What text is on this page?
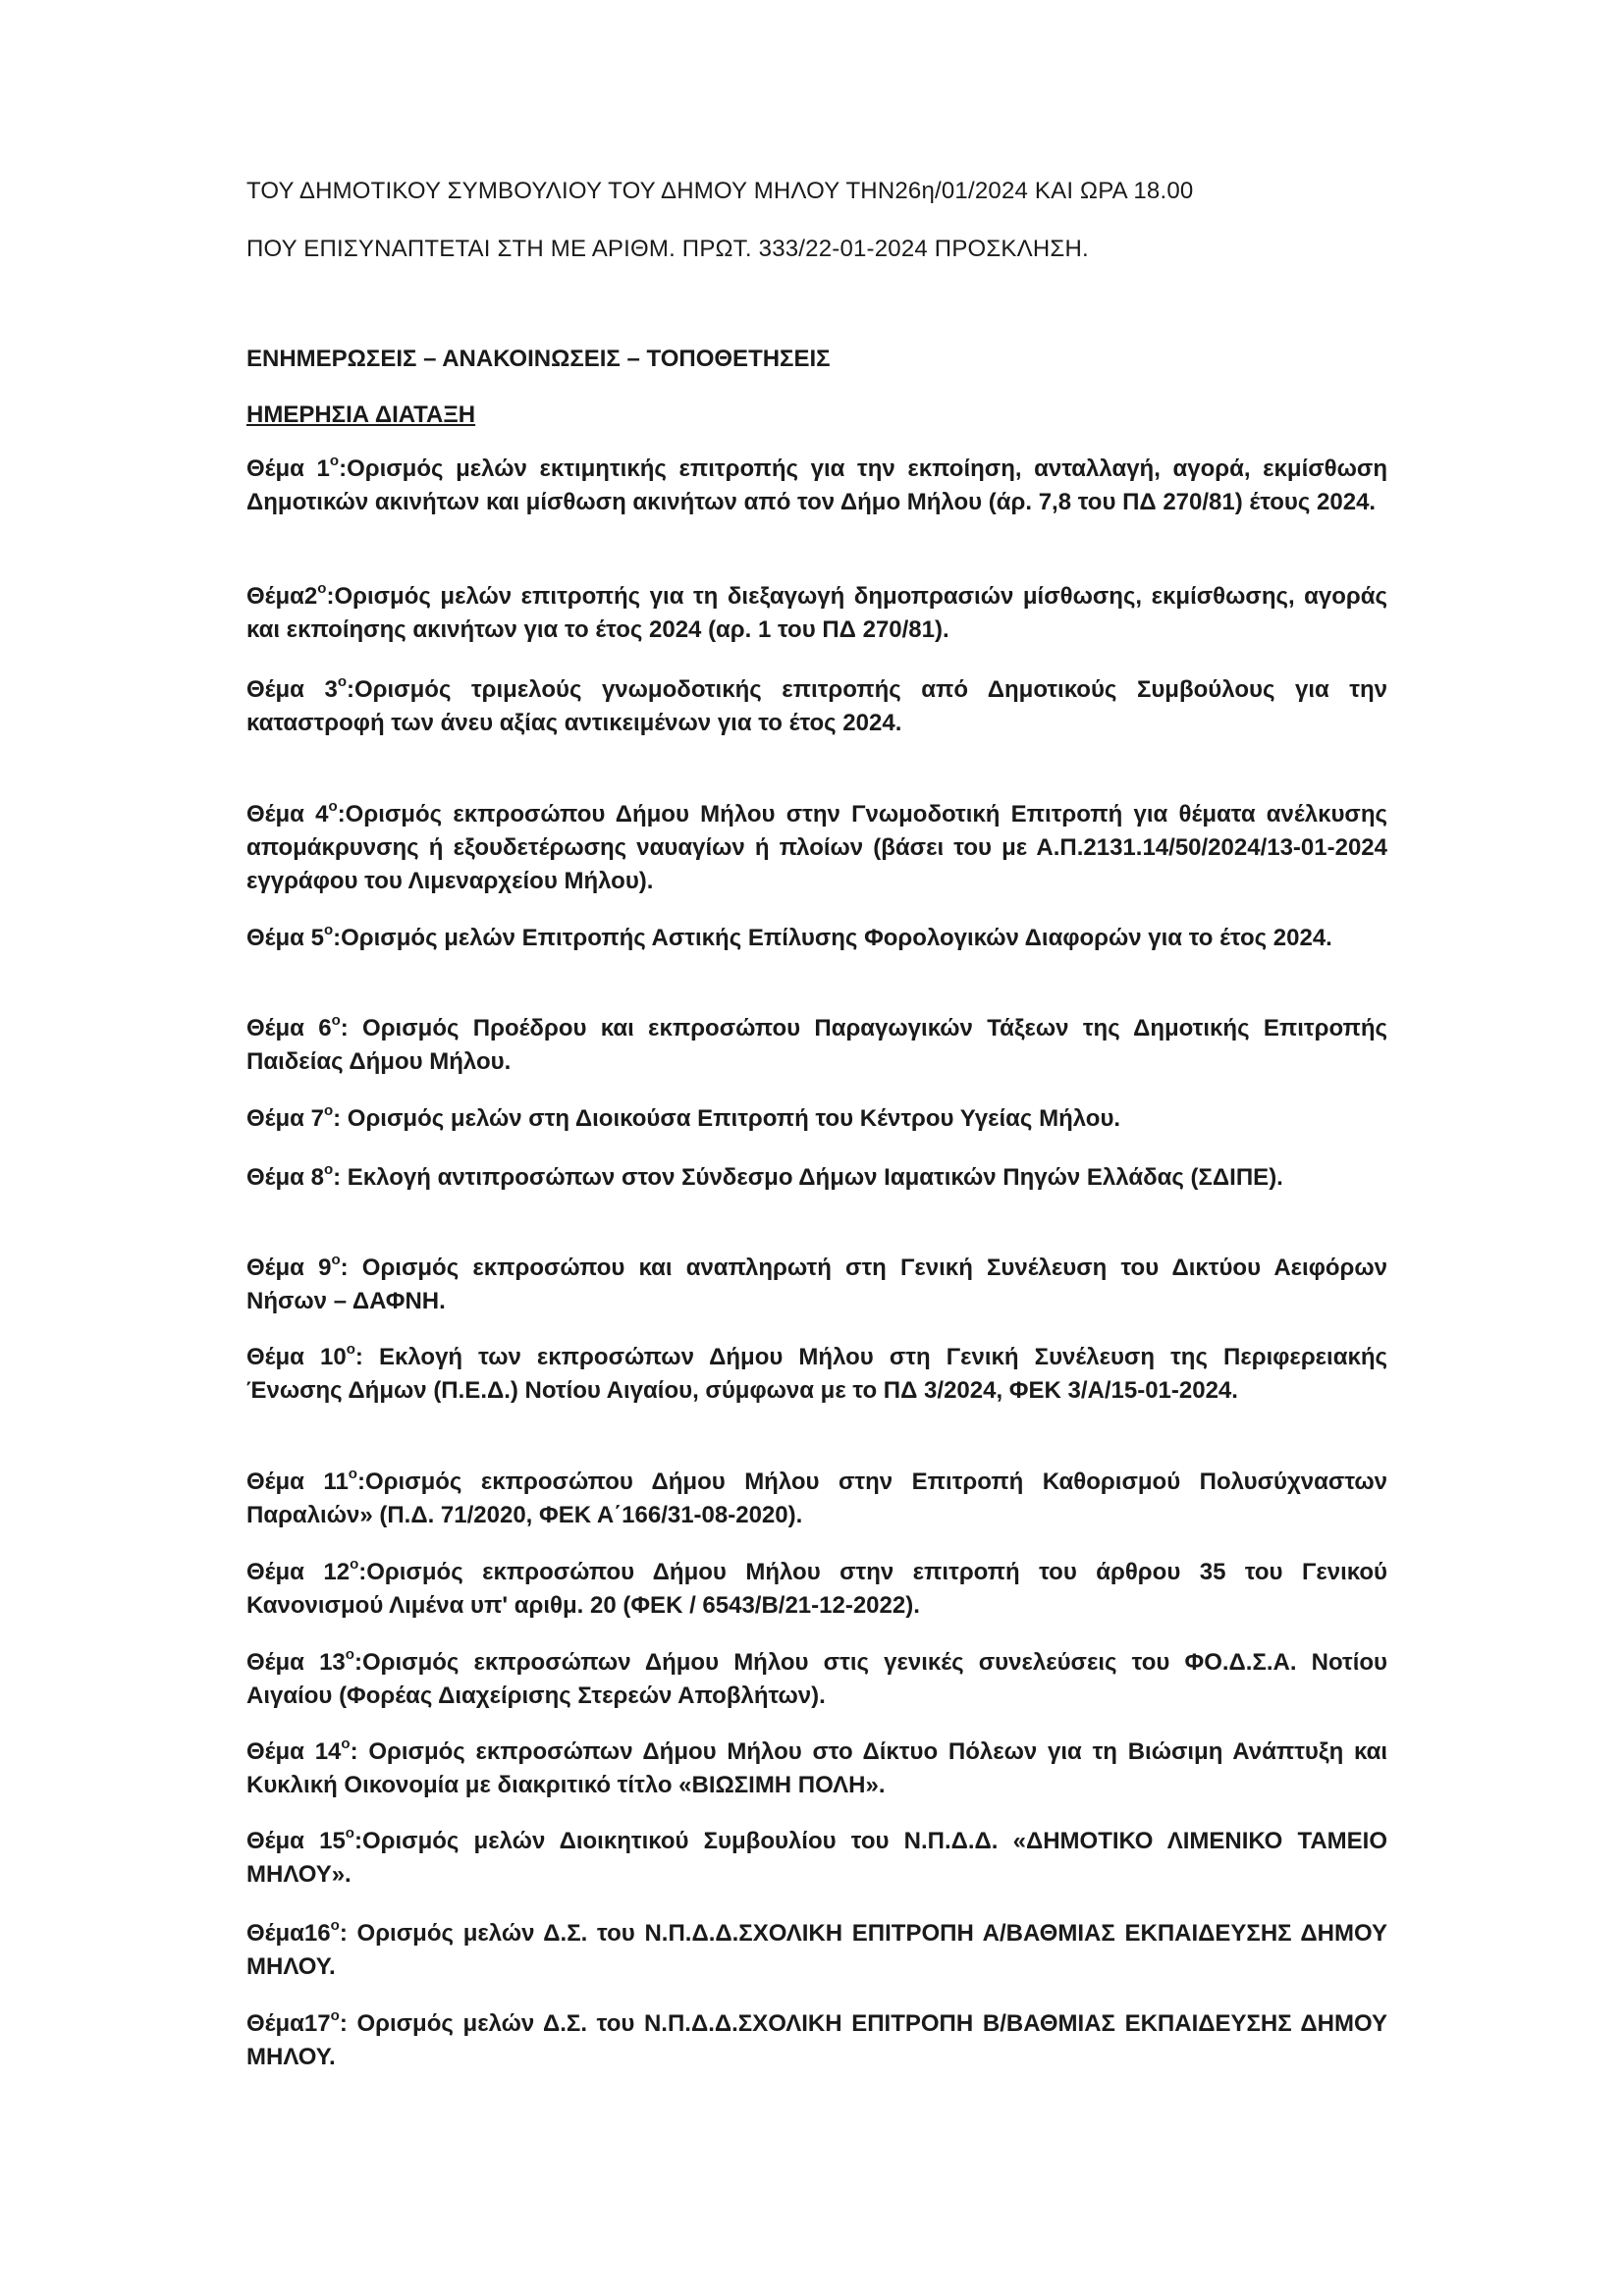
ΤΟΥ ΔΗΜΟΤΙΚΟΥ ΣΥΜΒΟΥΛΙΟΥ ΤΟΥ ΔΗΜΟΥ ΜΗΛΟΥ ΤΗΝ26η/01/2024 ΚΑΙ ΩΡΑ 18.00
ΠΟΥ ΕΠΙΣΥΝΑΠΤΕΤΑΙ ΣΤΗ ΜΕ ΑΡΙΘΜ. ΠΡΩΤ. 333/22-01-2024 ΠΡΟΣΚΛΗΣΗ.
ΕΝΗΜΕΡΩΣΕΙΣ – ΑΝΑΚΟΙΝΩΣΕΙΣ – ΤΟΠΟΘΕΤΗΣΕΙΣ
ΗΜΕΡΗΣΙΑ ΔΙΑΤΑΞΗ
Θέμα $1^o:O\rho\iota\sigma\mu ό\varsigma$ μελών εκτιμητικής επιτροπής για την εκποίηση, ανταλλαγή, αγορά, εκμίσθωση Δημοτικών ακινήτων και μίσθωση ακινήτων από τον Δήμο Μήλου (άρ. 7,8 του ΠΔ 270/81) έτους 2024.
$\Theta έ\mu\alpha 2^o:O\rho\iota\sigma\mu ό\varsigma$ μελών επιτροπής για τη διεξαγωγή δημοπρασιών μίσθωσης, εκμίσθωσης, αγοράς και εκποίησης ακινήτων για το έτος 2024 (αρ. 1 του ΠΔ 270/81).
Θέμα $3^o:O\rho\iota\sigma\mu ό\varsigma$ τριμελούς γνωμοδοτικής επιτροπής από Δημοτικούς Συμβούλους για την καταστροφή των άνευ αξίας αντικειμένων για το έτος 2024.
Θέμα $4^o:O\rho\iota\sigma\mu ό\varsigma$ εκπροσώπου Δήμου Μήλου στην Γνωμοδοτική Επιτροπή για θέματα ανέλκυσης απομάκρυνσης ή εξουδετέρωσης ναυαγίων ή πλοίων (βάσει του με Α.Π.2131.14/50/2024/13-01-2024 εγγράφου του Λιμεναρχείου Μήλου).
Θέμα $5^o:O\rho\iota\sigma\mu ό\varsigma$ μελών Επιτροπής Αστικής Επίλυσης Φορολογικών Διαφορών για το έτος 2024.
Θέμα $6^o$: Ορισμός Προέδρου και εκπροσώπου Παραγωγικών Τάξεων της Δημοτικής Επιτροπής Παιδείας Δήμου Μήλου.
Θέμα $7^o$: Ορισμός μελών στη Διοικούσα Επιτροπή του Κέντρου Υγείας Μήλου.
Θέμα $8^o$: Εκλογή αντιπροσώπων στον Σύνδεσμο Δήμων Ιαματικών Πηγών Ελλάδας (ΣΔΙΠΕ).
Θέμα $9^o$: Ορισμός εκπροσώπου και αναπληρωτή στη Γενική Συνέλευση του Δικτύου Αειφόρων Νήσων – ΔΑΦΝΗ.
Θέμα $10^o$: Εκλογή των εκπροσώπων Δήμου Μήλου στη Γενική Συνέλευση της Περιφερειακής Ένωσης Δήμων (Π.Ε.Δ.) Νοτίου Αιγαίου, σύμφωνα με το ΠΔ 3/2024, ΦΕΚ 3/Α/15-01-2024.
Θέμα $11^o:O\rho\iota\sigma\mu ό\varsigma$ εκπροσώπου Δήμου Μήλου στην Επιτροπή Καθορισμού Πολυσύχναστων Παραλιών» (Π.Δ. 71/2020, ΦΕΚ Α΄166/31-08-2020).
Θέμα $12^o:O\rho\iota\sigma\mu ό\varsigma$ εκπροσώπου Δήμου Μήλου στην επιτροπή του άρθρου 35 του Γενικού Κανονισμού Λιμένα υπ' αριθμ. 20 (ΦΕΚ / 6543/Β/21-12-2022).
Θέμα $13^o:O\rho\iota\sigma\mu ό\varsigma$ εκπροσώπων Δήμου Μήλου στις γενικές συνελεύσεις του ΦΟ.Δ.Σ.Α. Νοτίου Αιγαίου (Φορέας Διαχείρισης Στερεών Αποβλήτων).
Θέμα $14^o$: Ορισμός εκπροσώπων Δήμου Μήλου στο Δίκτυο Πόλεων για τη Βιώσιμη Ανάπτυξη και Κυκλική Οικονομία με διακριτικό τίτλο «ΒΙΩΣΙΜΗ ΠΟΛΗ».
Θέμα $15^o:O\rho\iota\sigma\mu ό\varsigma$ μελών Διοικητικού Συμβουλίου του Ν.Π.Δ.Δ. «ΔΗΜΟΤΙΚΟ ΛΙΜΕΝΙΚΟ ΤΑΜΕΙΟ ΜΗΛΟΥ».
$\Theta έ\mu\alpha 16^o$: Ορισμός μελών Δ.Σ. του Ν.Π.Δ.Δ.ΣΧΟΛΙΚΗ ΕΠΙΤΡΟΠΗ Α/ΒΑΘΜΙΑΣ ΕΚΠΑΙΔΕΥΣΗΣ ΔΗΜΟΥ ΜΗΛΟΥ.
$\Theta έ\mu\alpha 17^o$: Ορισμός μελών Δ.Σ. του Ν.Π.Δ.Δ.ΣΧΟΛΙΚΗ ΕΠΙΤΡΟΠΗ Β/ΒΑΘΜΙΑΣ ΕΚΠΑΙΔΕΥΣΗΣ ΔΗΜΟΥ ΜΗΛΟΥ.
